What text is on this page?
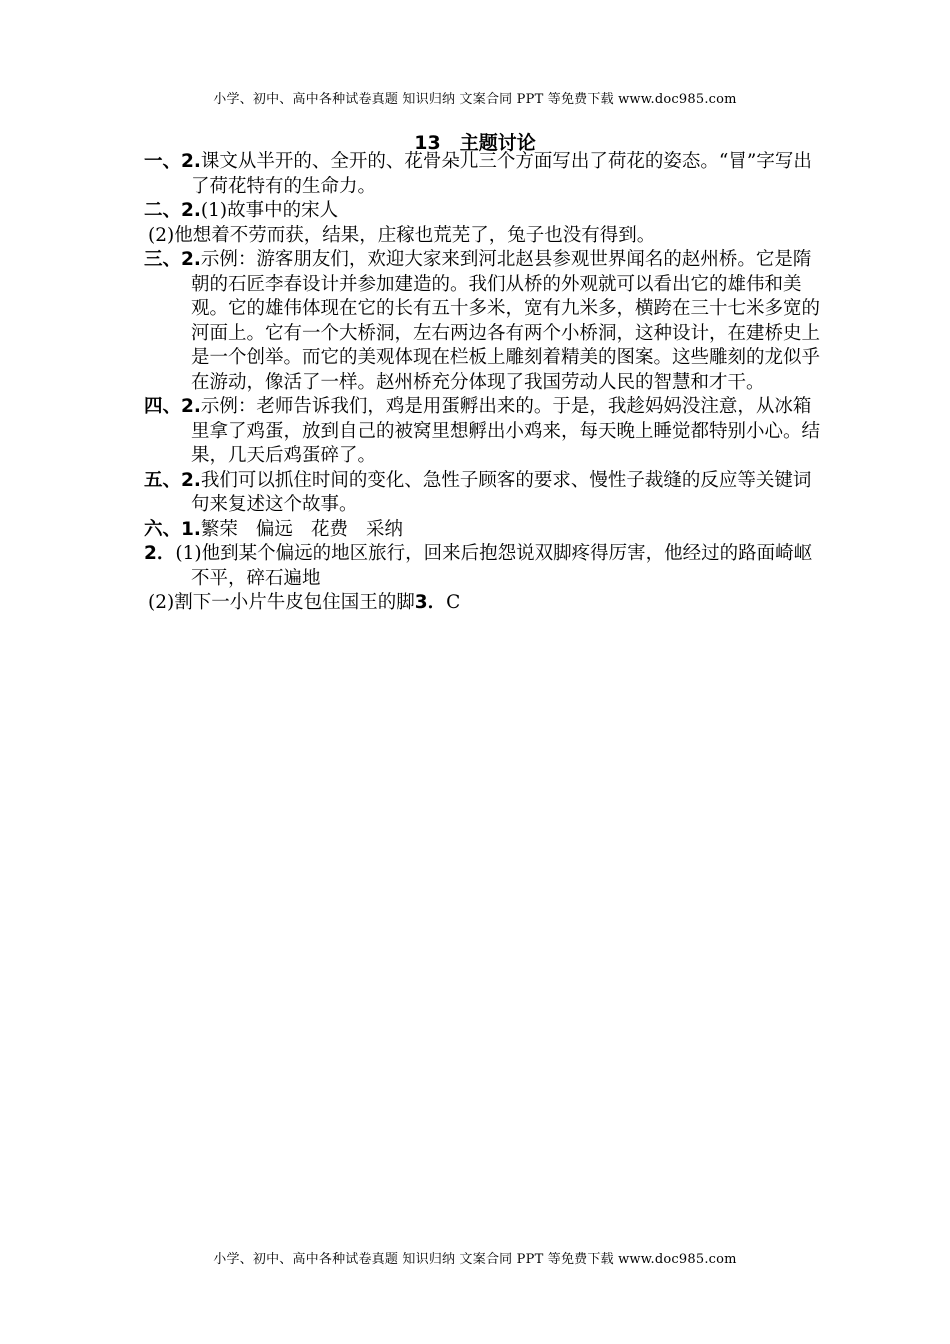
小学、初中、高中各种试卷真题 知识归纳 文案合同 PPT 等免费下载 www.doc985.com
13　主题讨论

一、2.课文从半开的、全开的、花骨朵儿三个方面写出了荷花的姿态。“冒”字写出了荷花特有的生命力。

二、2.(1)故事中的宋人

(2)他想着不劳而获，结果，庄稼也荒芜了，兔子也没有得到。

三、2.示例：游客朋友们，欢迎大家来到河北赵县参观世界闻名的赵州桥。它是隋朝的石匠李春设计并参加建造的。我们从桥的外观就可以看出它的雄伟和美观。它的雄伟体现在它的长有五十多米，宽有九米多，横跨在三十七米多宽的河面上。它有一个大桥洞，左右两边各有两个小桥洞，这种设计，在建桥史上是一个创举。而它的美观体现在栏板上雕刻着精美的图案。这些雕刻的龙似乎在游动，像活了一样。赵州桥充分体现了我国劳动人民的智慧和才干。

四、2.示例：老师告诉我们，鸡是用蛋孵出来的。于是，我趁妈妈没注意，从冰箱里拿了鸡蛋，放到自己的被窝里想孵出小鸡来，每天晚上睡觉都特别小心。结果，几天后鸡蛋碎了。

五、2.我们可以抓住时间的变化、急性子顾客的要求、慢性子裁缝的反应等关键词句来复述这个故事。

六、1.繁荣 偏远 花费 采纳

2．(1)他到某个偏远的地区旅行，回来后抱怨说双脚疼得厉害，他经过的路面崎岖不平，碎石遍地

(2)割下一小片牛皮包住国王的脚3．C

小学、初中、高中各种试卷真题 知识归纳 文案合同 PPT 等免费下载 www.doc985.com
